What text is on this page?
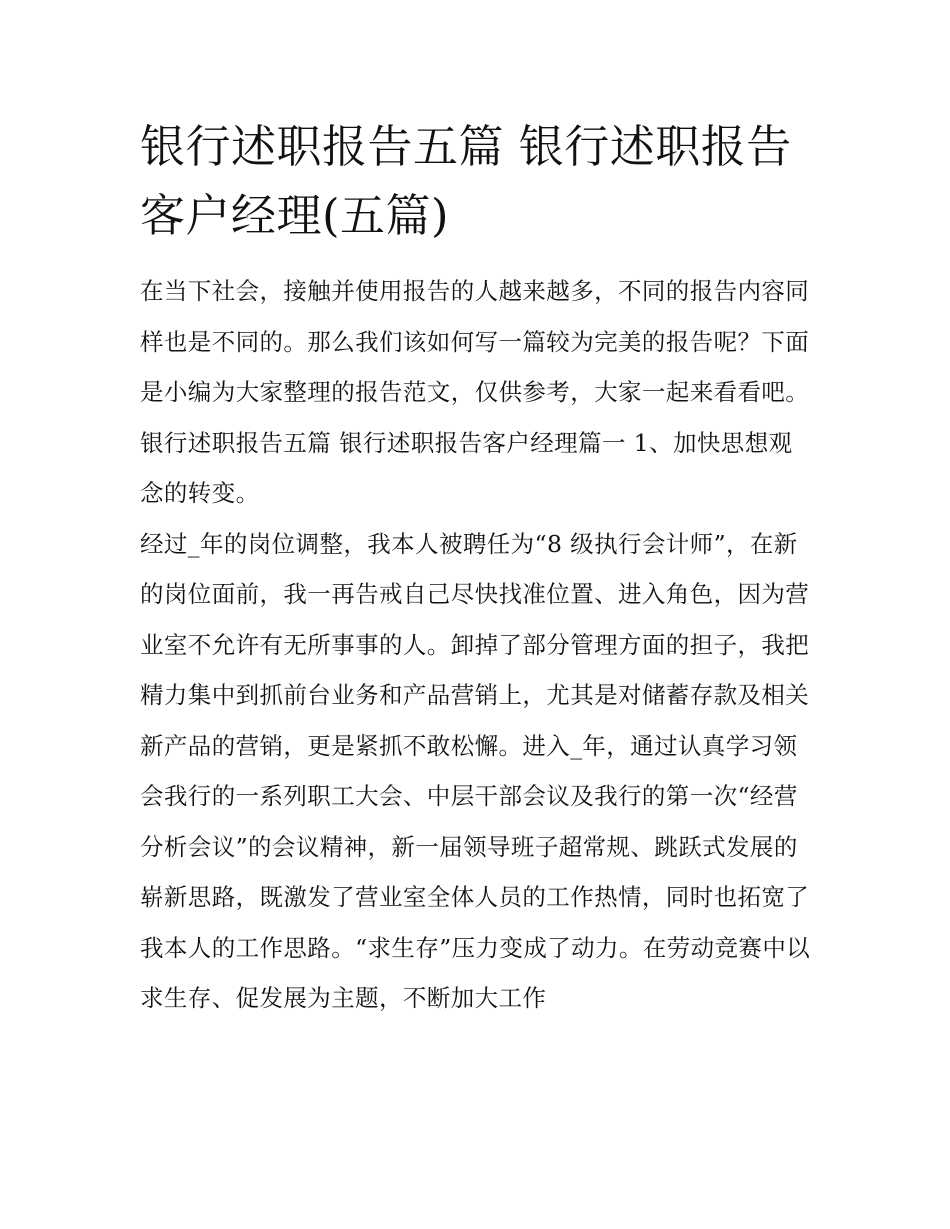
银行述职报告五篇 银行述职报告客户经理(五篇)

在当下社会，接触并使用报告的人越来越多，不同的报告内容同样也是不同的。那么我们该如何写一篇较为完美的报告呢？下面是小编为大家整理的报告范文，仅供参考，大家一起来看看吧。

银行述职报告五篇 银行述职报告客户经理篇一 1、加快思想观念的转变。

经过_年的岗位调整，我本人被聘任为“8 级执行会计师”，在新的岗位面前，我一再告戒自己尽快找准位置、进入角色，因为营业室不允许有无所事事的人。卸掉了部分管理方面的担子，我把精力集中到抓前台业务和产品营销上，尤其是对储蓄存款及相关新产品的营销，更是紧抓不敢松懈。进入_年，通过认真学习领会我行的一系列职工大会、中层干部会议及我行的第一次“经营分析会议”的会议精神，新一届领导班子超常规、跳跃式发展的崭新思路，既激发了营业室全体人员的工作热情，同时也拓宽了我本人的工作思路。“求生存”压力变成了动力。在劳动竞赛中以求生存、促发展为主题，不断加大工作
